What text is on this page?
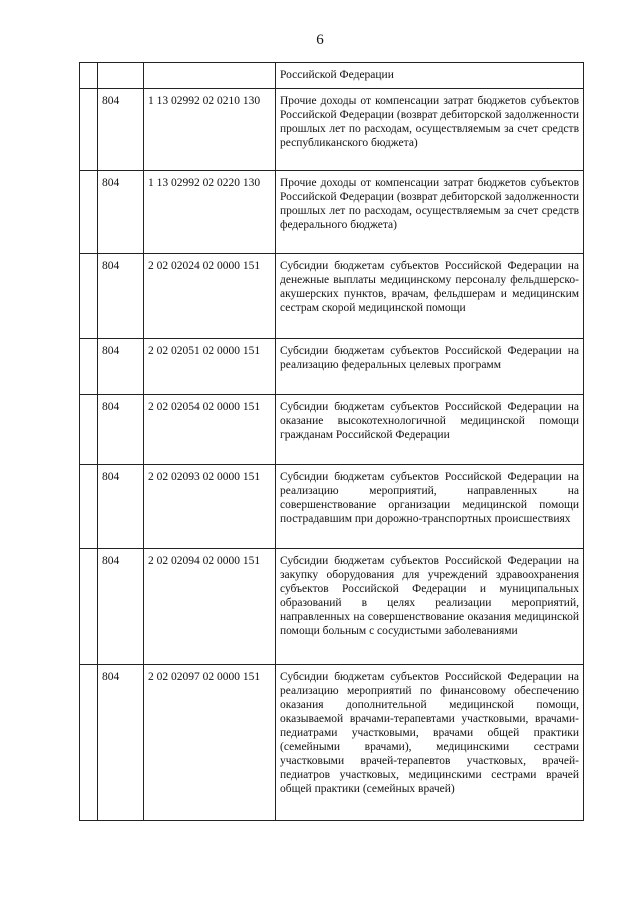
6
			Российской Федерации
	804	1 13 02992 02 0210 130	Прочие доходы от компенсации затрат бюджетов субъектов Российской Федерации (возврат дебиторской задолженности прошлых лет по расходам, осуществляемым за счет средств республиканского бюджета)
	804	1 13 02992 02 0220 130	Прочие доходы от компенсации затрат бюджетов субъектов Российской Федерации (возврат дебиторской задолженности прошлых лет по расходам, осуществляемым за счет средств федерального бюджета)
	804	2 02 02024 02 0000 151	Субсидии бюджетам субъектов Российской Федерации на денежные выплаты медицинскому персоналу фельдшерско-акушерских пунктов, врачам, фельдшерам и медицинским сестрам скорой медицинской помощи
	804	2 02 02051 02 0000 151	Субсидии бюджетам субъектов Российской Федерации на реализацию федеральных целевых программ
	804	2 02 02054 02 0000 151	Субсидии бюджетам субъектов Российской Федерации на оказание высокотехнологичной медицинской помощи гражданам Российской Федерации
	804	2 02 02093 02 0000 151	Субсидии бюджетам субъектов Российской Федерации на реализацию мероприятий, направленных на совершенствование организации медицинской помощи пострадавшим при дорожно-транспортных происшествиях
	804	2 02 02094 02 0000 151	Субсидии бюджетам субъектов Российской Федерации на закупку оборудования для учреждений здравоохранения субъектов Российской Федерации и муниципальных образований в целях реализации мероприятий, направленных на совершенствование оказания медицинской помощи больным с сосудистыми заболеваниями
	804	2 02 02097 02 0000 151	Субсидии бюджетам субъектов Российской Федерации на реализацию мероприятий по финансовому обеспечению оказания дополнительной медицинской помощи, оказываемой врачами-терапевтами участковыми, врачами-педиатрами участковыми, врачами общей практики (семейными врачами), медицинскими сестрами участковыми врачей-терапевтов участковых, врачей-педиатров участковых, медицинскими сестрами врачей общей практики (семейных врачей)
